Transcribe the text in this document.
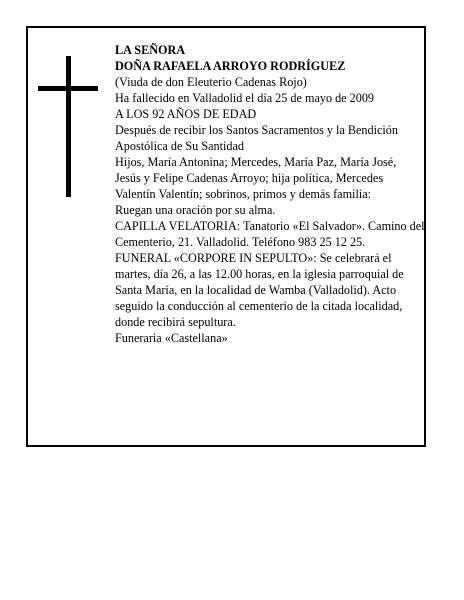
LA SEÑORA

DOÑA RAFAELA ARROYO RODRÍGUEZ

(Viuda de don Eleuterio Cadenas Rojo)

Ha fallecido en Valladolid el día 25 de mayo de 2009

A LOS 92 AÑOS DE EDAD

Después de recibir los Santos Sacramentos y la Bendición Apostólica de Su Santidad

Hijos, María Antonina; Mercedes, María Paz, María José, Jesús y Felipe Cadenas Arroyo; hija política, Mercedes Valentín Valentín; sobrinos, primos y demás familia:

Ruegan una oración por su alma.

CAPILLA VELATORIA: Tanatorio «El Salvador». Camino del Cementerio, 21. Valladolid. Teléfono 983 25 12 25.

FUNERAL «CORPORE IN SEPULTO»: Se celebrará el martes, día 26, a las 12.00 horas, en la iglesia parroquial de Santa María, en la localidad de Wamba (Valladolid). Acto seguido la conducción al cementerio de la citada localidad, donde recibirá sepultura.

Funeraria «Castellana»
